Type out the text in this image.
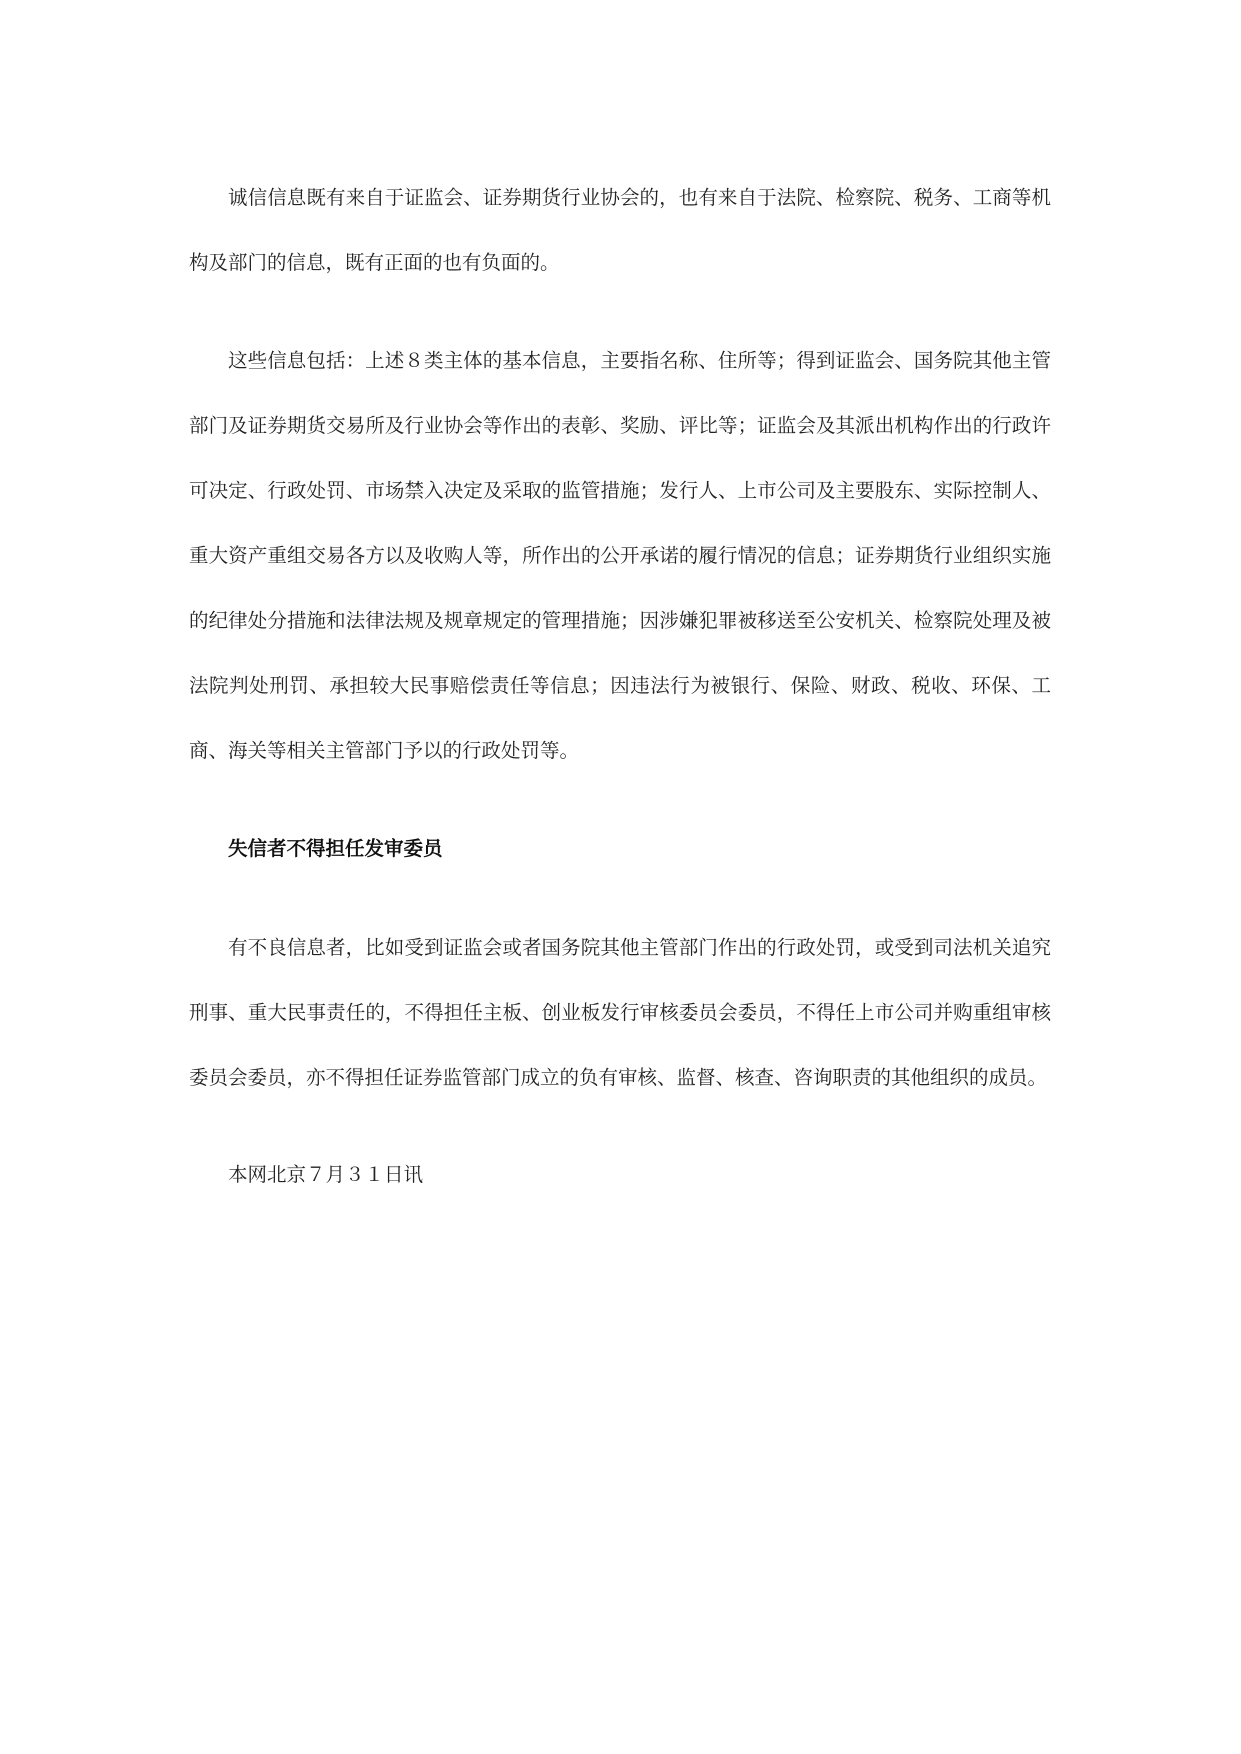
诚信信息既有来自于证监会、证券期货行业协会的，也有来自于法院、检察院、税务、工商等机构及部门的信息，既有正面的也有负面的。

这些信息包括：上述８类主体的基本信息，主要指名称、住所等；得到证监会、国务院其他主管部门及证券期货交易所及行业协会等作出的表彰、奖励、评比等；证监会及其派出机构作出的行政许可决定、行政处罚、市场禁入决定及采取的监管措施；发行人、上市公司及主要股东、实际控制人、重大资产重组交易各方以及收购人等，所作出的公开承诺的履行情况的信息；证券期货行业组织实施的纪律处分措施和法律法规及规章规定的管理措施；因涉嫌犯罪被移送至公安机关、检察院处理及被法院判处刑罚、承担较大民事赔偿责任等信息；因违法行为被银行、保险、财政、税收、环保、工商、海关等相关主管部门予以的行政处罚等。

失信者不得担任发审委员

有不良信息者，比如受到证监会或者国务院其他主管部门作出的行政处罚，或受到司法机关追究刑事、重大民事责任的，不得担任主板、创业板发行审核委员会委员，不得任上市公司并购重组审核委员会委员，亦不得担任证券监管部门成立的负有审核、监督、核查、咨询职责的其他组织的成员。

本网北京７月３１日讯
